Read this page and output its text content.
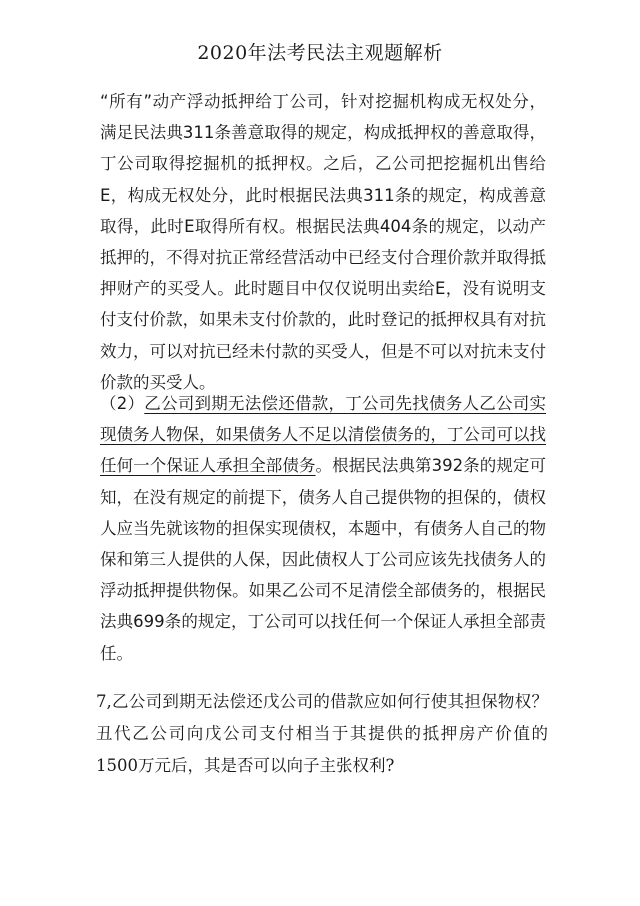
2020年法考民法主观题解析

“所有”动产浮动抵押给丁公司，针对挖掘机构成无权处分，满足民法典311条善意取得的规定，构成抵押权的善意取得，丁公司取得挖掘机的抵押权。之后，乙公司把挖掘机出售给E，构成无权处分，此时根据民法典311条的规定，构成善意取得，此时E取得所有权。根据民法典404条的规定，以动产抵押的，不得对抗正常经营活动中已经支付合理价款并取得抵押财产的买受人。此时题目中仅仅说明出卖给E，没有说明支付支付价款，如果未支付价款的，此时登记的抵押权具有对抗效力，可以对抗已经未付款的买受人，但是不可以对抗未支付价款的买受人。

（2）乙公司到期无法偿还借款，丁公司先找债务人乙公司实现债务人物保，如果债务人不足以清偿债务的，丁公司可以找任何一个保证人承担全部债务。根据民法典第392条的规定可知，在没有规定的前提下，债务人自己提供物的担保的，债权人应当先就该物的担保实现债权，本题中，有债务人自己的物保和第三人提供的人保，因此债权人丁公司应该先找债务人的浮动抵押提供物保。如果乙公司不足清偿全部债务的，根据民法典699条的规定，丁公司可以找任何一个保证人承担全部责任。

7,乙公司到期无法偿还戊公司的借款应如何行使其担保物权？丑代乙公司向戊公司支付相当于其提供的抵押房产价值的1500万元后，其是否可以向子主张权利?
